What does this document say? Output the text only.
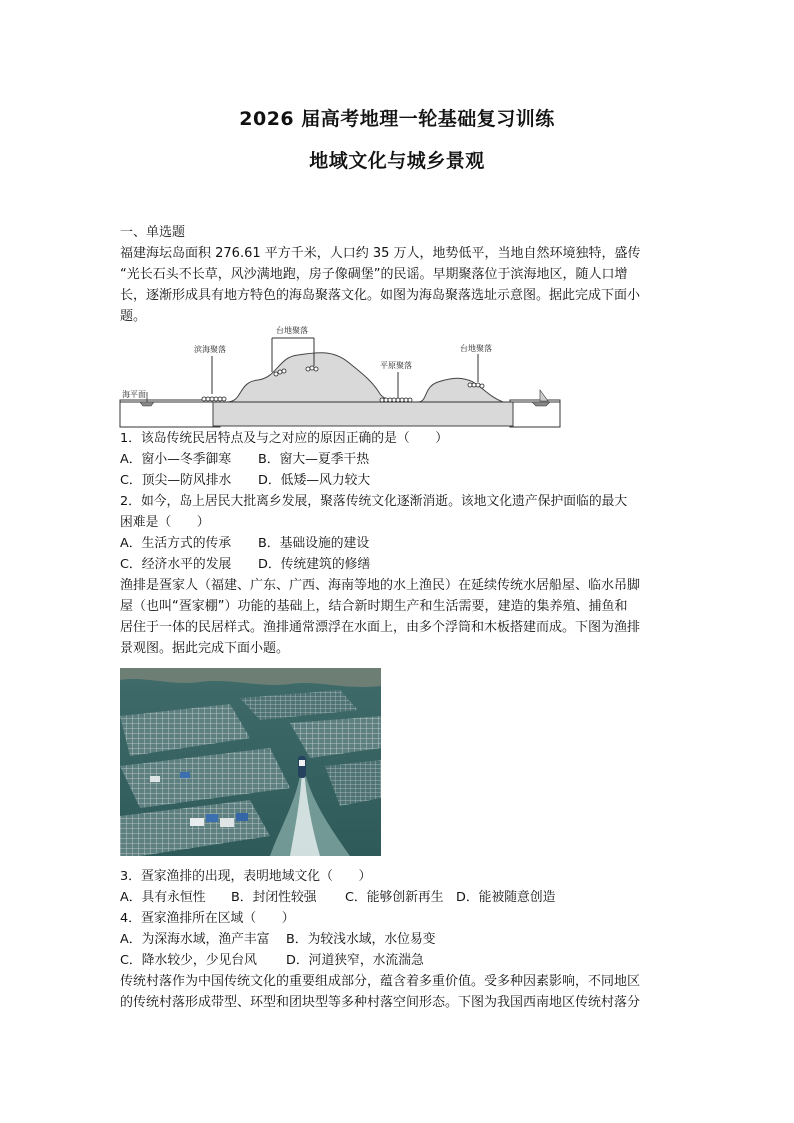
2026 届高考地理一轮基础复习训练
地域文化与城乡景观
一、单选题
福建海坛岛面积 276.61 平方千米，人口约 35 万人，地势低平，当地自然环境独特，盛传
“光长石头不长草，风沙满地跑，房子像碉堡”的民谣。早期聚落位于滨海地区，随人口增
长，逐渐形成具有地方特色的海岛聚落文化。如图为海岛聚落选址示意图。据此完成下面小
题。
海平面
滨海聚落
台地聚落
平原聚落
台地聚落
1．该岛传统民居特点及与之对应的原因正确的是（　　）
A．窗小—冬季御寒 B．窗大—夏季干热
C．顶尖—防风排水 D．低矮—风力较大
2．如今，岛上居民大批离乡发展，聚落传统文化逐渐消逝。该地文化遗产保护面临的最大
困难是（　　）
A．生活方式的传承 B．基础设施的建设
C．经济水平的发展 D．传统建筑的修缮
渔排是疍家人（福建、广东、广西、海南等地的水上渔民）在延续传统水居船屋、临水吊脚
屋（也叫“疍家棚”）功能的基础上，结合新时期生产和生活需要，建造的集养殖、捕鱼和
居住于一体的民居样式。渔排通常漂浮在水面上，由多个浮筒和木板搭建而成。下图为渔排
景观图。据此完成下面小题。
3．疍家渔排的出现，表明地域文化（　　）
A．具有永恒性 B．封闭性较强 C．能够创新再生 D．能被随意创造
4．疍家渔排所在区域（　　）
A．为深海水域，渔产丰富 B．为较浅水域，水位易变
C．降水较少，少见台风 D．河道狭窄，水流湍急
传统村落作为中国传统文化的重要组成部分，蕴含着多重价值。受多种因素影响，不同地区
的传统村落形成带型、环型和团块型等多种村落空间形态。下图为我国西南地区传统村落分
